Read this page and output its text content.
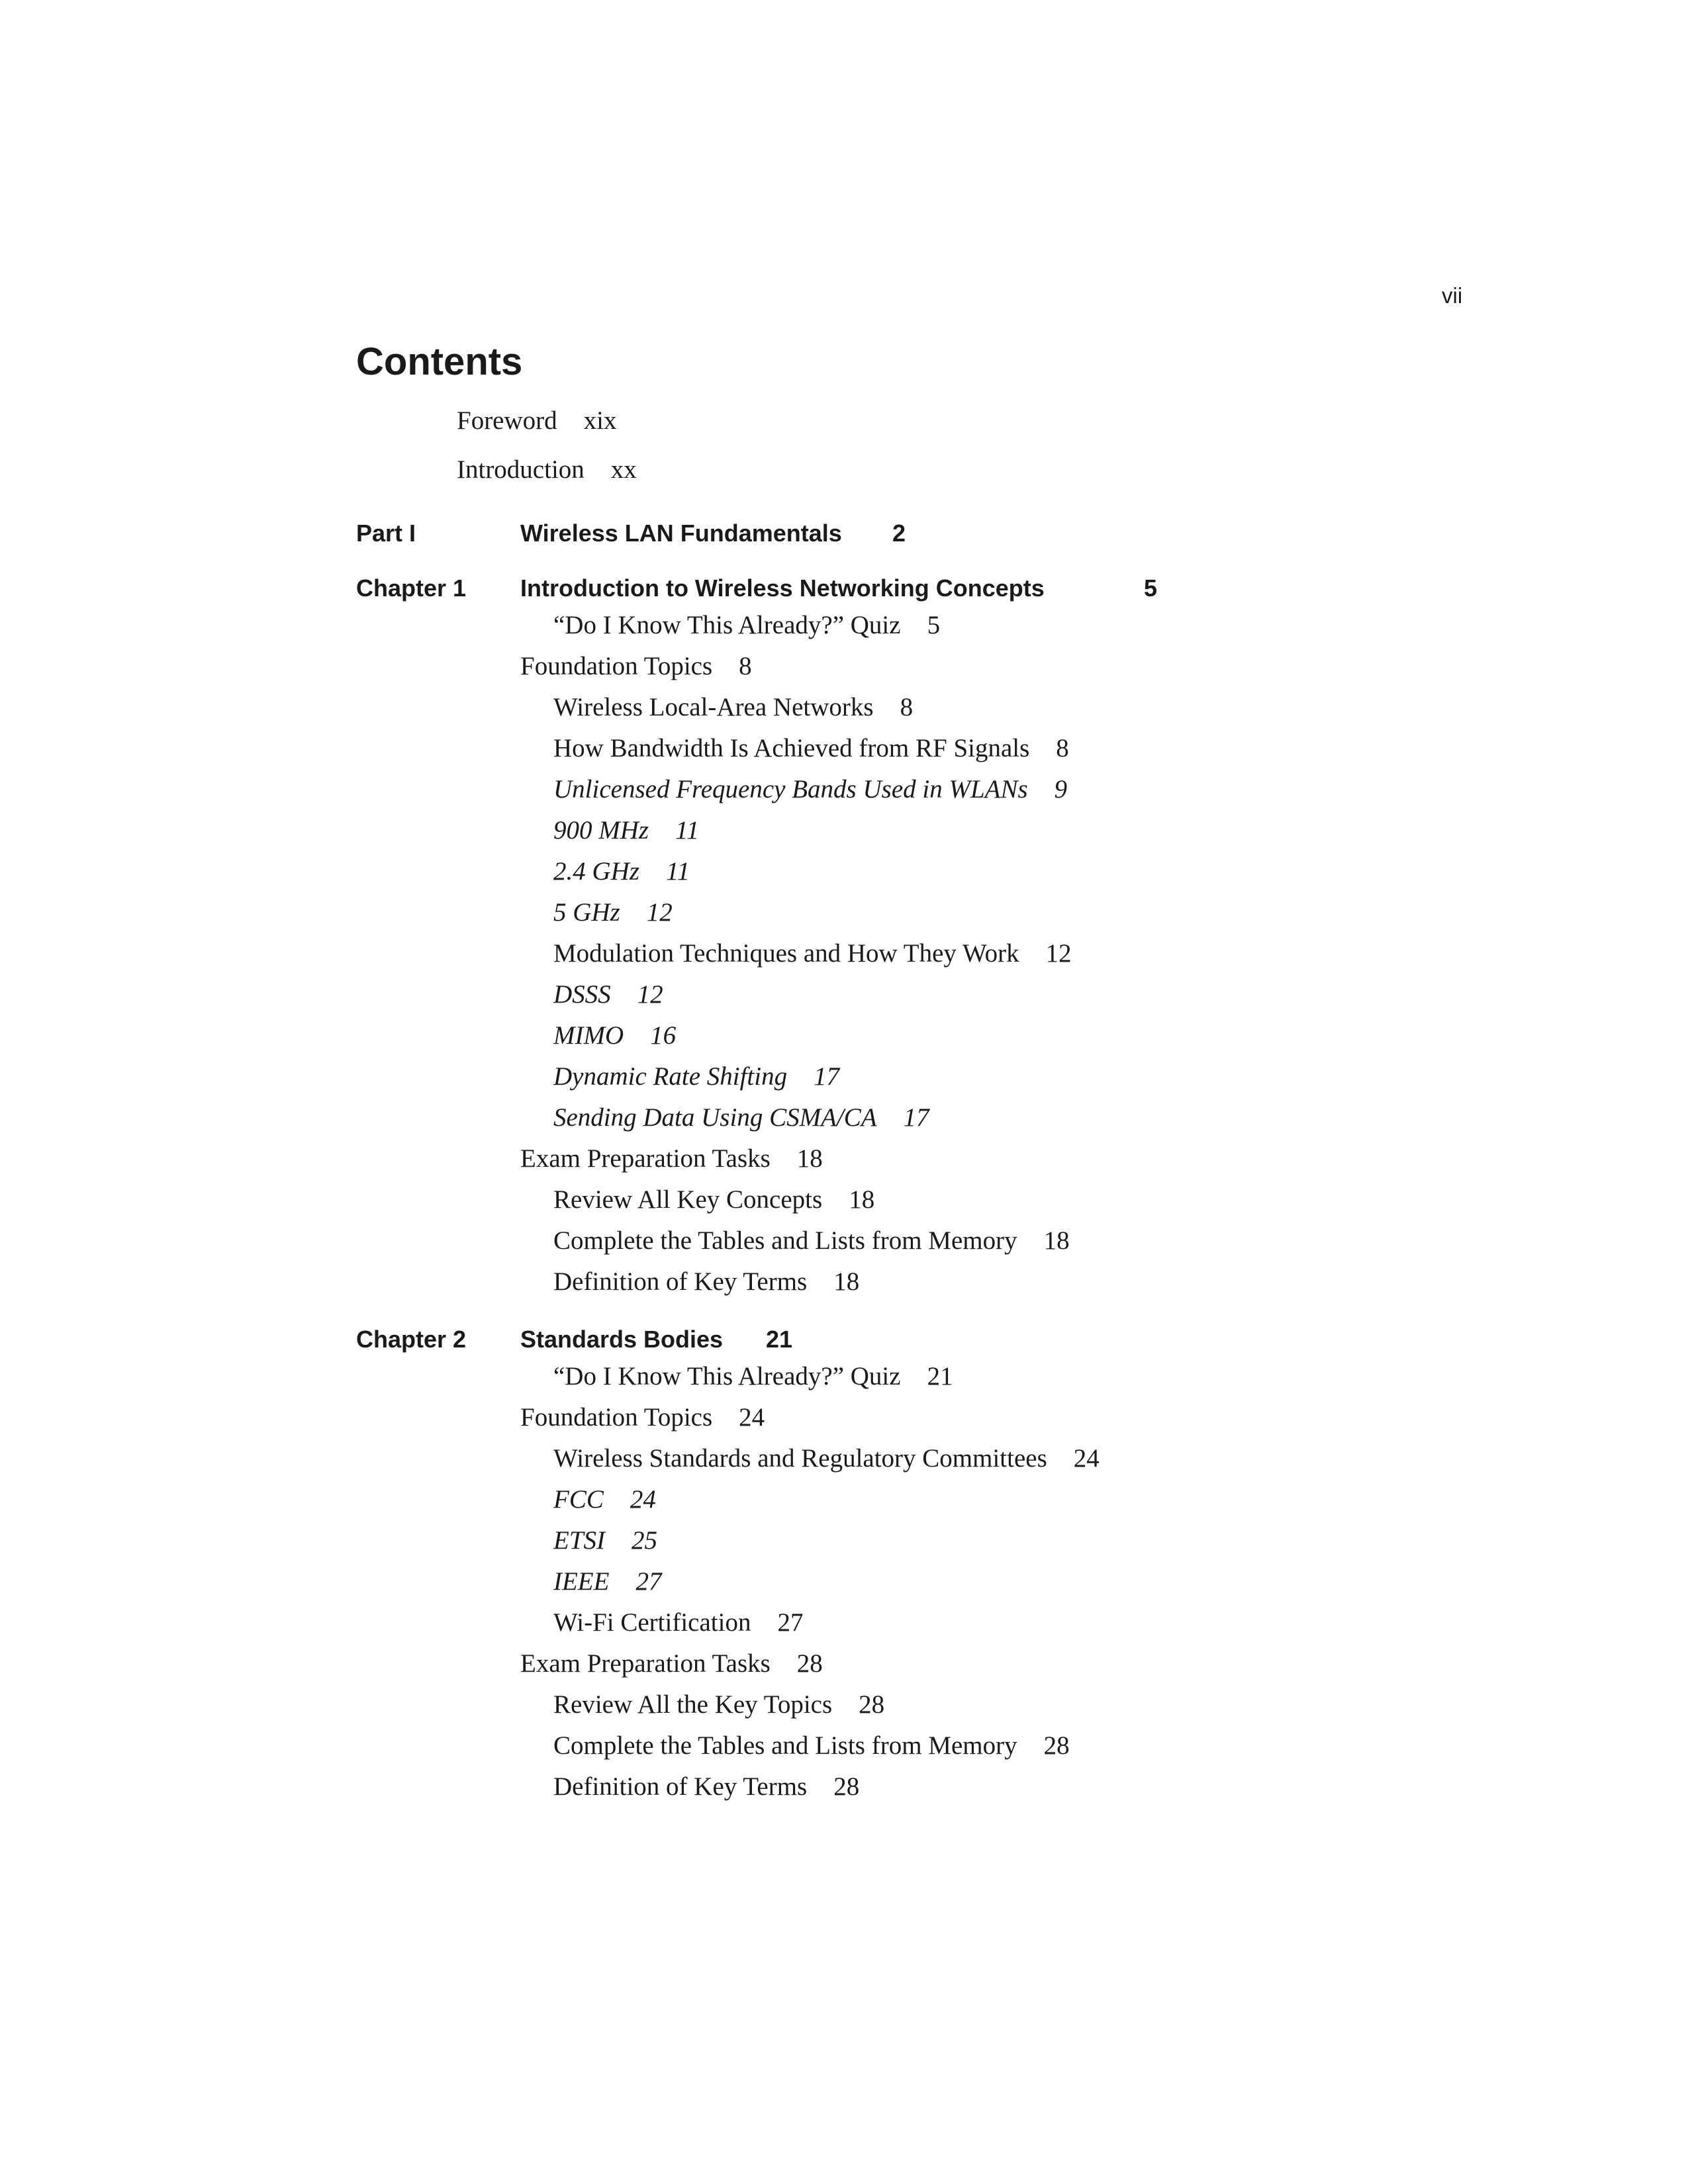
vii
Contents
Foreword xix
Introduction xx
Part I	Wireless LAN Fundamentals 2
Chapter 1 Introduction to Wireless Networking Concepts	5
“Do I Know This Already?” Quiz 5
Foundation Topics 8
Wireless Local-Area Networks 8
How Bandwidth Is Achieved from RF Signals 8
Unlicensed Frequency Bands Used in WLANs 9
900 MHz 11
2.4 GHz 11
5 GHz 12
Modulation Techniques and How They Work 12
DSSS 12
MIMO 16
Dynamic Rate Shifting 17
Sending Data Using CSMA/CA 17
Exam Preparation Tasks 18
Review All Key Concepts 18
Complete the Tables and Lists from Memory 18
Definition of Key Terms 18
Chapter 2 Standards Bodies 21
“Do I Know This Already?” Quiz 21
Foundation Topics 24
Wireless Standards and Regulatory Committees 24
FCC 24
ETSI 25
IEEE 27
Wi-Fi Certification 27
Exam Preparation Tasks 28
Review All the Key Topics 28
Complete the Tables and Lists from Memory 28
Definition of Key Terms 28
